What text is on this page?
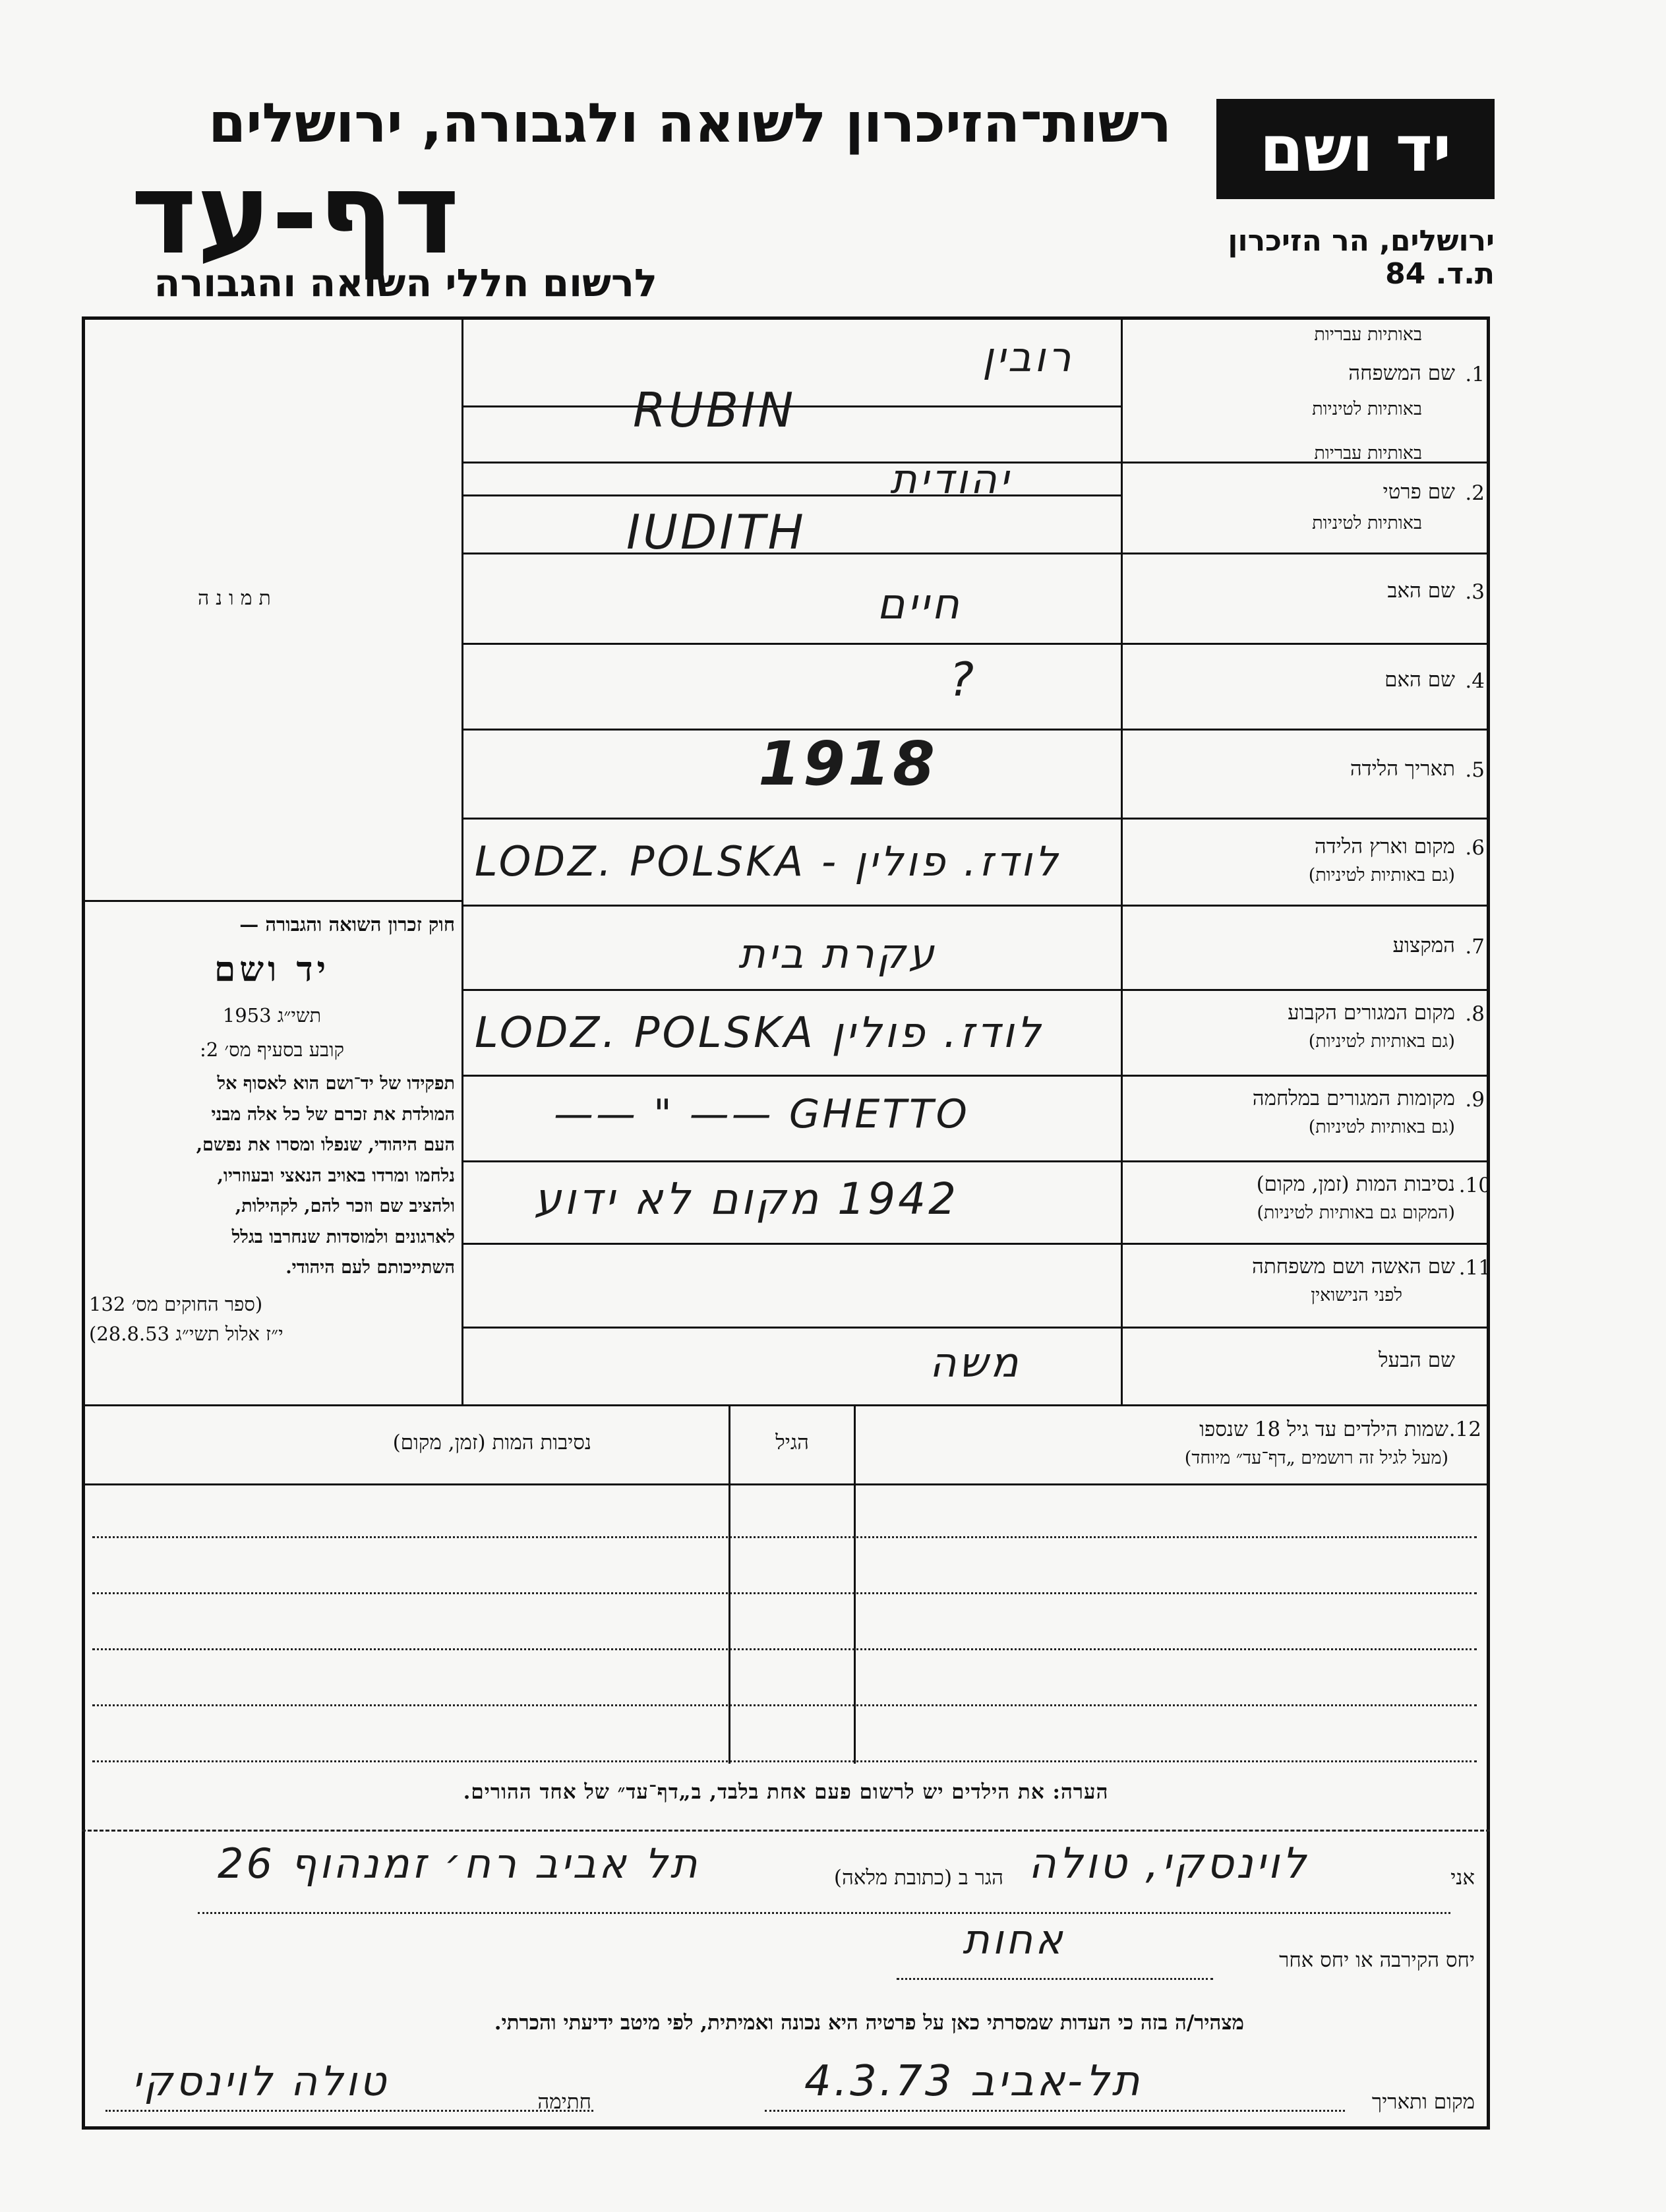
רשות־הזיכרון לשואה ולגבורה, ירושלים
דף-עד
לרשום חללי השואה והגבורה
יד ושם
ירושלים, הר הזיכרון
ת.ד. 84
תמונה
חוק זכרון השואה והגבורה —
יד ושם
תשי״ג 1953
קובע בסעיף מס׳ 2:
תפקידו של יד־ושם הוא לאסוף אל
המולדת את זכרם של כל אלה מבני
העם היהודי, שנפלו ומסרו את נפשם,
נלחמו ומרדו באויב הנאצי ובעוזריו,
ולהציב שם וזכר להם, לקהילות,
לארגונים ולמוסדות שנחרבו בגלל
השתייכותם לעם היהודי.
(ספר החוקים מס׳ 132
י״ז אלול תשי״ג 28.8.53)
באותיות עבריות
1.
שם המשפחה
באותיות לטיניות
באותיות עבריות
2.
שם פרטי
באותיות לטיניות
3.
שם האב
4.
שם האם
5.
תאריך הלידה
6.
מקום וארץ הלידה
(גם באותיות לטיניות)
7.
המקצוע
8.
מקום המגורים הקבוע
(גם באותיות לטיניות)
9.
מקומות המגורים במלחמה
(גם באותיות לטיניות)
10.
נסיבות המות (זמן, מקום)
(המקום גם באותיות לטיניות)
11.
שם האשה ושם משפחתה
לפני הנישואין
שם הבעל
רובין
RUBIN
יהודית
IUDITH
חיים
?
1918
LODZ. POLSKA - לודז. פולין
עקרת בית
LODZ. POLSKA לודז. פולין
—— " —— GHETTO
1942 מקום לא ידוע
משה
12.
שמות הילדים עד גיל 18 שנספו
(מעל לגיל זה רושמים „דף־עד״ מיוחד)
הגיל
נסיבות המות (זמן, מקום)
הערה: את הילדים יש לרשום פעם אחת בלבד, ב„דף־עד״ של אחד ההורים.
אני
לוינסקי, טולה
הגר ב (כתובת מלאה)
תל אביב רח׳ זמנהוף 26
יחס הקירבה או יחס אחר
אחות
מצהיר/ה בזה כי העדות שמסרתי כאן על פרטיה היא נכונה ואמיתית, לפי מיטב ידיעתי והכרתי.
מקום ותאריך
תל-אביב 4.3.73
חתימה
טולה לוינסקי
